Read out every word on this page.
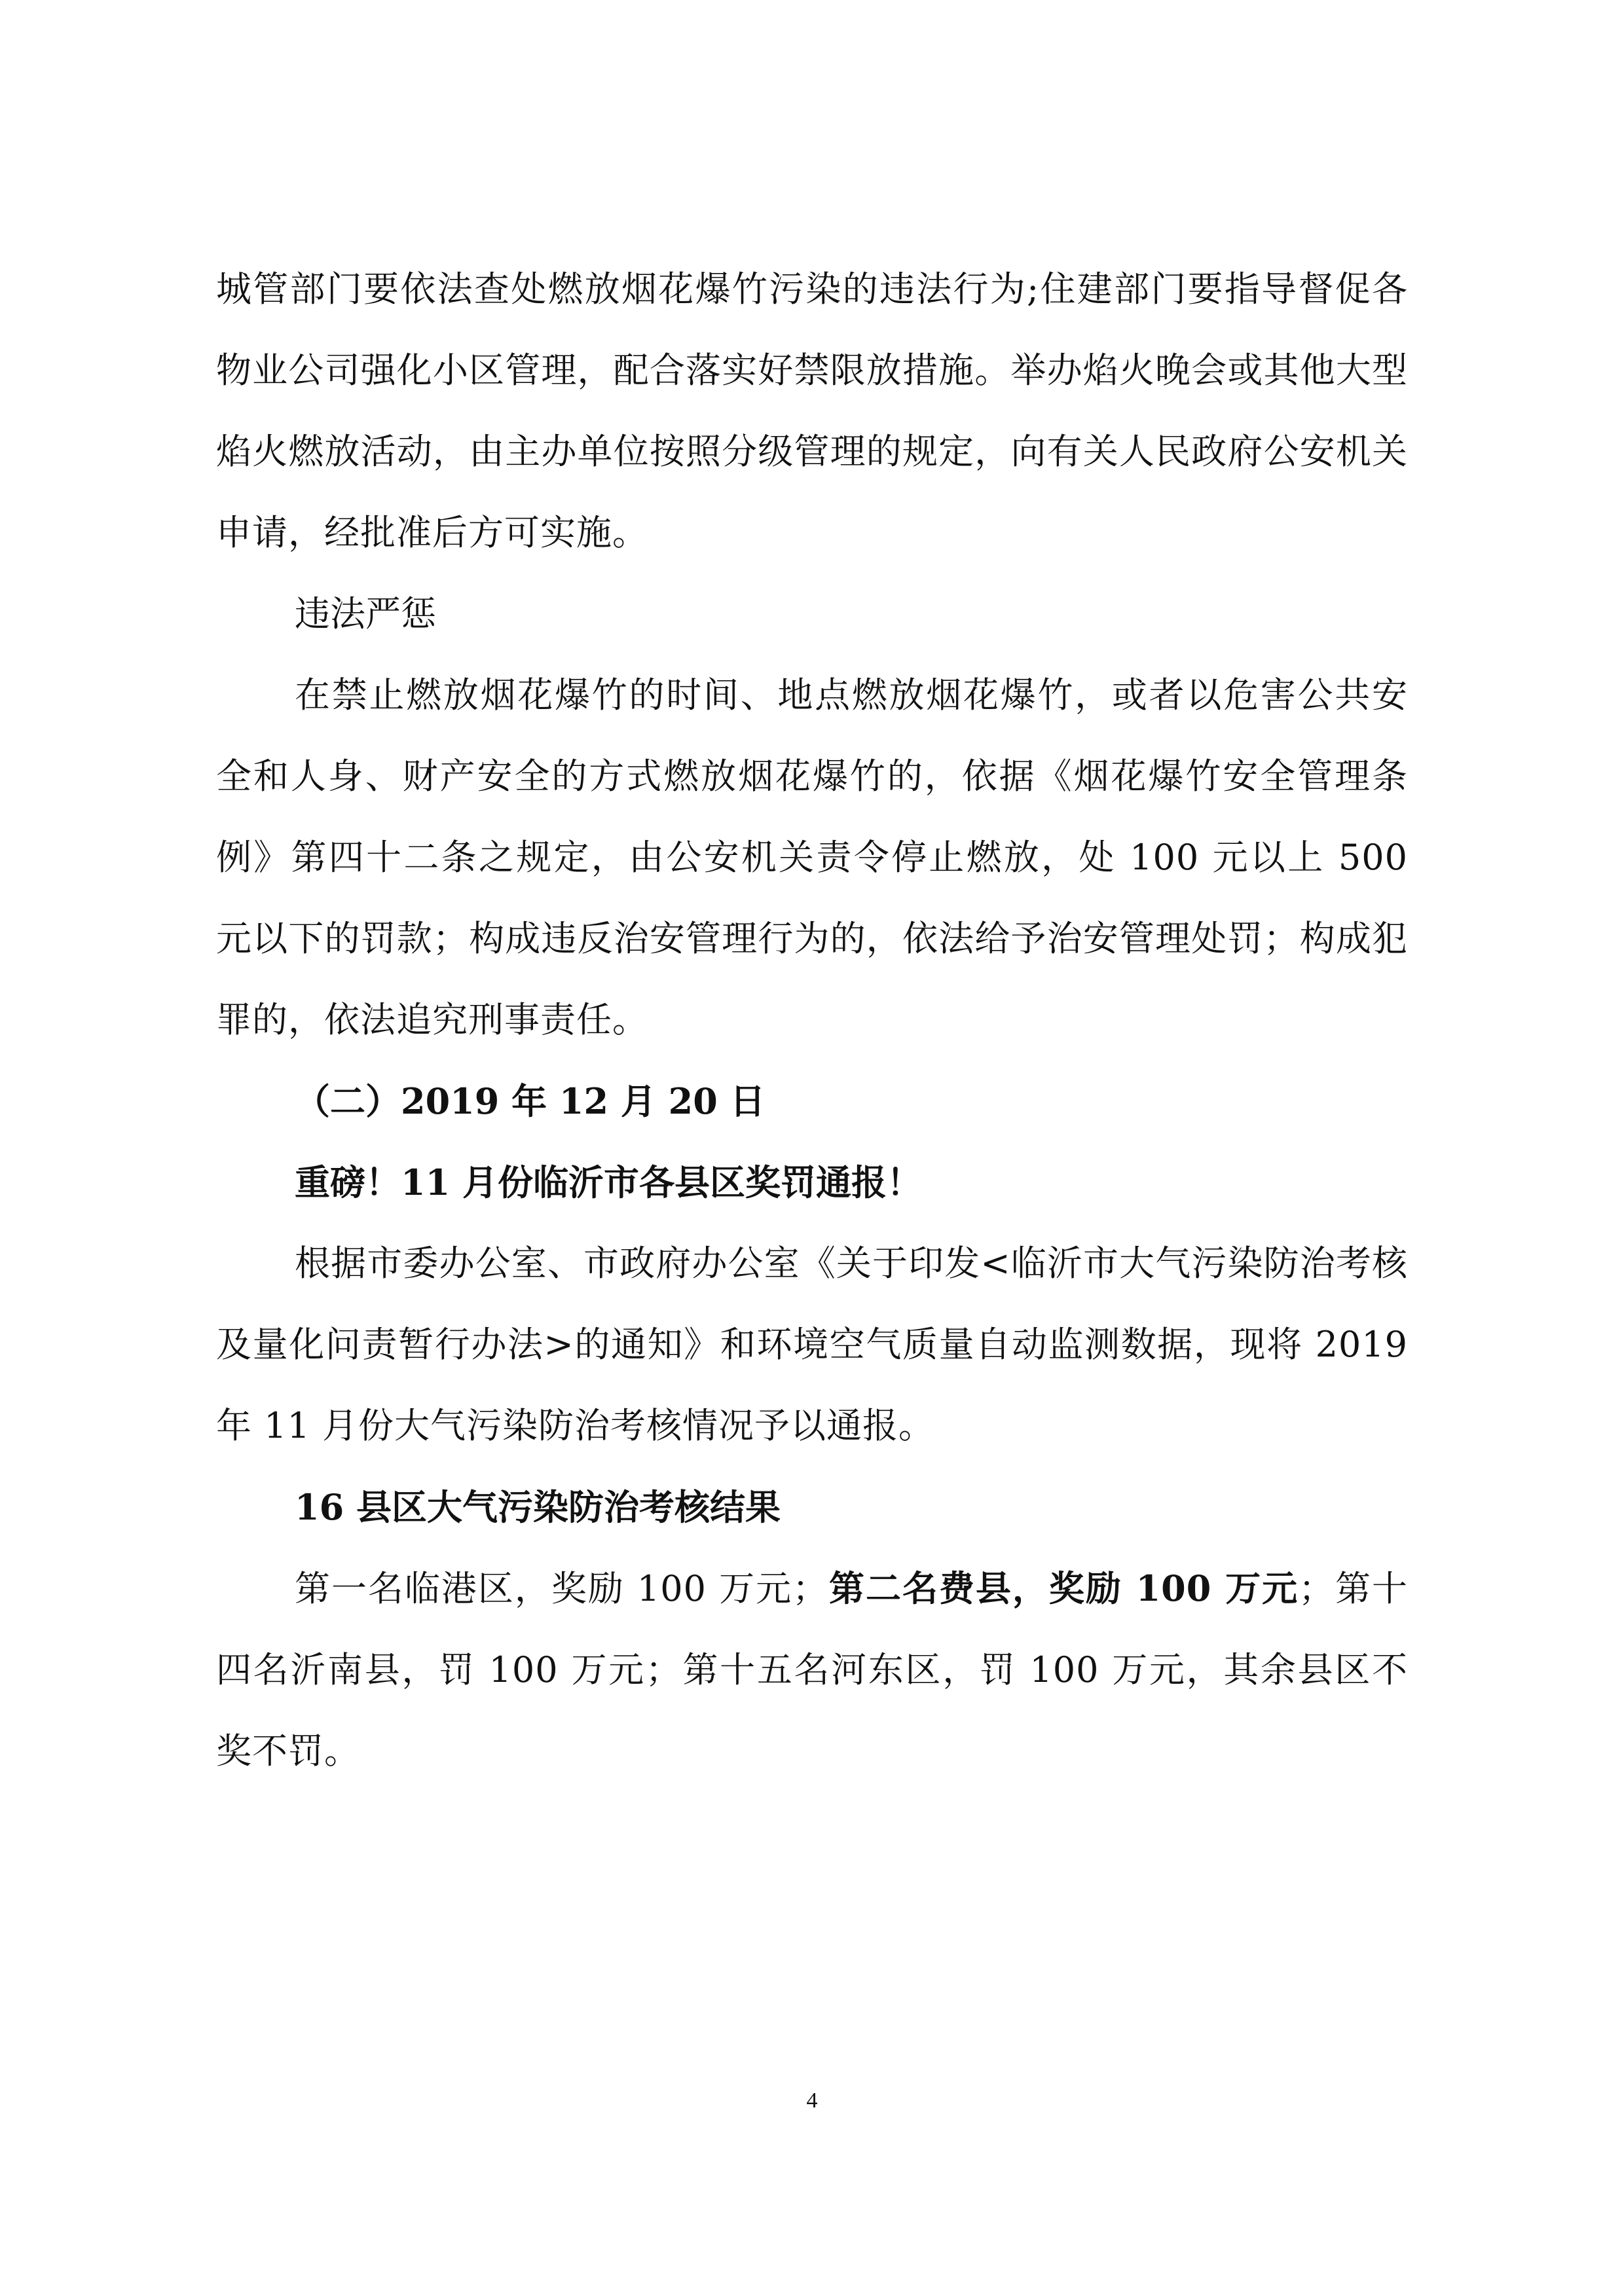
城管部门要依法查处燃放烟花爆竹污染的违法行为;住建部门要指导督促各物业公司强化小区管理，配合落实好禁限放措施。举办焰火晚会或其他大型焰火燃放活动，由主办单位按照分级管理的规定，向有关人民政府公安机关申请，经批准后方可实施。

违法严惩

在禁止燃放烟花爆竹的时间、地点燃放烟花爆竹，或者以危害公共安全和人身、财产安全的方式燃放烟花爆竹的，依据《烟花爆竹安全管理条例》第四十二条之规定，由公安机关责令停止燃放，处 100 元以上 500 元以下的罚款；构成违反治安管理行为的，依法给予治安管理处罚；构成犯罪的，依法追究刑事责任。

（二）2019 年 12 月 20 日

重磅！11 月份临沂市各县区奖罚通报！

根据市委办公室、市政府办公室《关于印发<临沂市大气污染防治考核及量化问责暂行办法>的通知》和环境空气质量自动监测数据，现将 2019 年 11 月份大气污染防治考核情况予以通报。

16 县区大气污染防治考核结果

第一名临港区，奖励 100 万元；第二名费县，奖励 100 万元；第十四名沂南县，罚 100 万元；第十五名河东区，罚 100 万元，其余县区不奖不罚。

4
